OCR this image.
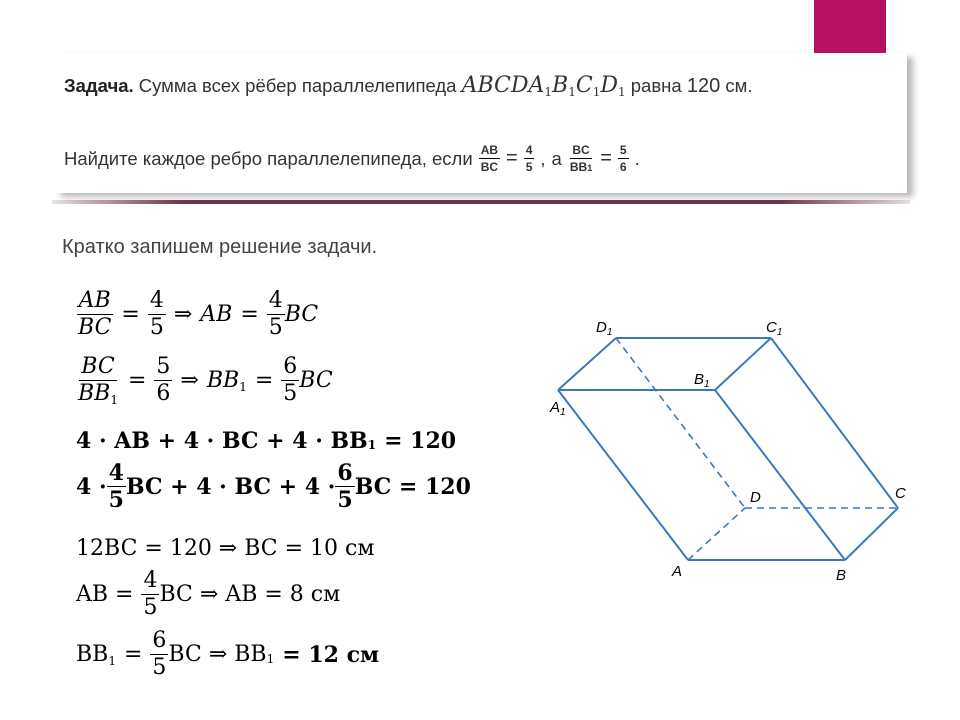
Задача. Сумма всех рёбер параллелепипеда ABCDA1B1C1D1 равна 120 см.
Найдите каждое ребро параллелепипеда, если $\frac{AB}{BC} = \frac{4}{5}$ , а $\frac{BC}{BB1} = \frac{5}{6}$ .
Кратко запишем решение задачи.
$\frac{AB}{BC} = \frac{4}{5}$ ⇒ AB = $\frac{4}{5}$ BC
$\frac{BC}{BB1} = \frac{5}{6}$ ⇒ $BB1 = \frac{6}{5}$ BC
4 · AB + 4 · BC + 4 · BB 1 = 120
$4 \cdot \frac{4}{5}$ BC + 4 · BC + $4 \cdot \frac{6}{5}$ BC = 120
12BC = 120 ⇒ BC = 10 см
AB = $\frac{4}{5}$ BC ⇒ AB = 8 см
$BB1 = \frac{6}{5}$ BC ⇒ BB 1 = 12 см
$D_1$	$C_1$
$B_1$
$A_1$
D	C
A	B
